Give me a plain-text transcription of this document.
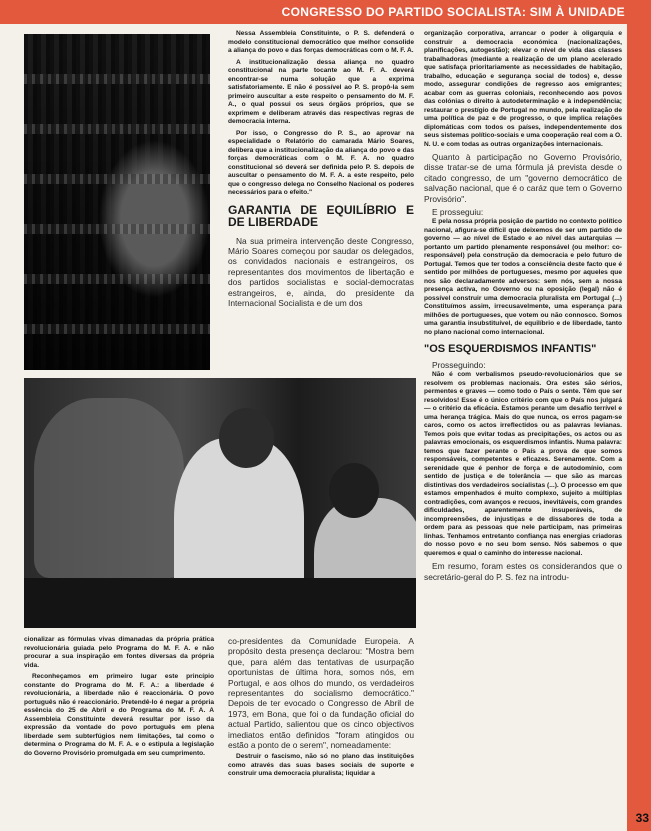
CONGRESSO DO PARTIDO SOCIALISTA: SIM À UNIDADE

Nessa Assembleia Constituinte, o P. S. defenderá o modelo constitucional democrático que melhor consolide a aliança do povo e das forças democráticas com o M. F. A.

A institucionalização dessa aliança no quadro constitucional na parte tocante ao M. F. A. deverá encontrar-se numa solução que a exprima satisfatoriamente. E não é possível ao P. S. propô-la sem primeiro auscultar a este respeito o pensamento do M. F. A., o qual possui os seus órgãos próprios, que se exprimem e deliberam através das respectivas regras de democracia interna.

Por isso, o Congresso do P. S., ao aprovar na especialidade o Relatório do camarada Mário Soares, delibera que a institucionalização da aliança do povo e das forças democráticas com o M. F. A. no quadro constitucional só deverá ser definida pelo P. S. depois de auscultar o pensamento do M. F. A. a este respeito, pelo que o congresso delega no Conselho Nacional os poderes necessários para o efeito."

GARANTIA DE EQUILÍBRIO E DE LIBERDADE

Na sua primeira intervenção deste Congresso, Mário Soares começou por saudar os delegados, os convidados nacionais e estrangeiros, os representantes dos movimentos de libertação e dos partidos socialistas e social-democratas estrangeiros, e, ainda, do presidente da Internacional Socialista e de um dos

organização corporativa, arrancar o poder à oligarquia e construir a democracia económica (nacionalizações, planificações, autogestão); elevar o nível de vida das classes trabalhadoras (mediante a realização de um plano acelerado que satisfaça prioritariamente as necessidades de habitação, trabalho, educação e segurança social de todos) e, desse modo, assegurar condições de regresso aos emigrantes; acabar com as guerras coloniais, reconhecendo aos povos das colónias o direito à autodeterminação e à independência; restaurar o prestígio de Portugal no mundo, pela realização de uma política de paz e de progresso, o que implica relações diplomáticas com todos os países, independentemente dos seus sistemas político-sociais e uma cooperação real com a O. N. U. e com todas as outras organizações internacionais.

Quanto à participação no Governo Provisório, disse tratar-se de uma fórmula já prevista desde o citado congresso, de um "governo democrático de salvação nacional, que é o caráz que tem o Governo Provisório".

E prosseguiu:

E pela nossa própria posição de partido no contexto político nacional, afigura-se difícil que deixemos de ser um partido de governo — ao nível de Estado e ao nível das autarquias — portanto um partido plenamente responsável (ou melhor: co-responsável) pela construção da democracia e pelo futuro de Portugal. Temos que ter todos a consciência deste facto que é sentido por milhões de portugueses, mesmo por aqueles que nos são declaradamente adversos: sem nós, sem a nossa presença activa, no Governo ou na oposição (legal) não é possível construir uma democracia pluralista em Portugal (...) Constituímos assim, irrecusavelmente, uma esperança para milhões de portugueses, que votem ou não connosco. Somos uma garantia insubstituível, de equilíbrio e de liberdade, tanto no plano nacional como internacional.

"OS ESQUERDISMOS INFANTIS"

Prosseguindo:

Não é com verbalismos pseudo-revolucionários que se resolvem os problemas nacionais. Ora estes são sérios, permentes e graves — como todo o País o sente. Têm que ser resolvidos! Esse é o único critério com que o País nos julgará — o critério da eficácia. Estamos perante um desafio terrível e uma herança trágica. Mais do que nunca, os erros pagam-se caros, como os actos irreflectidos ou as palavras levianas. Temos pois que evitar todas as precipitações, os actos ou as palavras emocionais, os esquerdismos infantis. Numa palavra: temos que fazer perante o País a prova de que somos responsáveis, competentes e eficazes. Serenamente. Com a serenidade que é penhor de força e de autodomínio, com sentido de justiça e de tolerância — que são as marcas distintivas dos verdadeiros socialistas (...). O processo em que estamos empenhados é muito complexo, sujeito a múltiplas contradições, com avanços e recuos, inevitáveis, com grandes dificuldades, aparentemente insuperáveis, de incompreensões, de injustiças e de dissabores de toda a ordem para as pessoas que nele participam, nas primeiras linhas. Tenhamos entretanto confiança nas energias criadoras do nosso povo e no seu bom senso. Nós sabemos o que queremos e qual o caminho do interesse nacional.

Em resumo, foram estes os considerandos que o secretário-geral do P. S. fez na introdu-

cionalizar as fórmulas vivas dimanadas da própria prática revolucionária guiada pelo Programa do M. F. A. e não procurar a sua inspiração em fontes diversas da própria vida.

Reconheçamos em primeiro lugar este princípio constante do Programa do M. F. A.: a liberdade é revolucionária, a liberdade não é reaccionária. O povo português não é reaccionário. Pretendê-lo é negar a própria essência do 25 de Abril e do Programa do M. F. A. A Assembleia Constituinte deverá resultar por isso da expressão da vontade do povo português em plena liberdade sem subterfúgios nem limitações, tal como o determina o Programa do M. F. A. e o estipula a legislação do Governo Provisório promulgada em seu cumprimento.

co-presidentes da Comunidade Europeia. A propósito desta presença declarou: "Mostra bem que, para além das tentativas de usurpação oportunistas de última hora, somos nós, em Portugal, e aos olhos do mundo, os verdadeiros representantes do socialismo democrático." Depois de ter evocado o Congresso de Abril de 1973, em Bona, que foi o da fundação oficial do actual Partido, salientou que os cinco objectivos imediatos então definidos "foram atingidos ou estão a ponto de o serem", nomeadamente:

Destruir o fascismo, não só no plano das instituições como através das suas bases sociais de suporte e construir uma democracia pluralista; liquidar a

33
